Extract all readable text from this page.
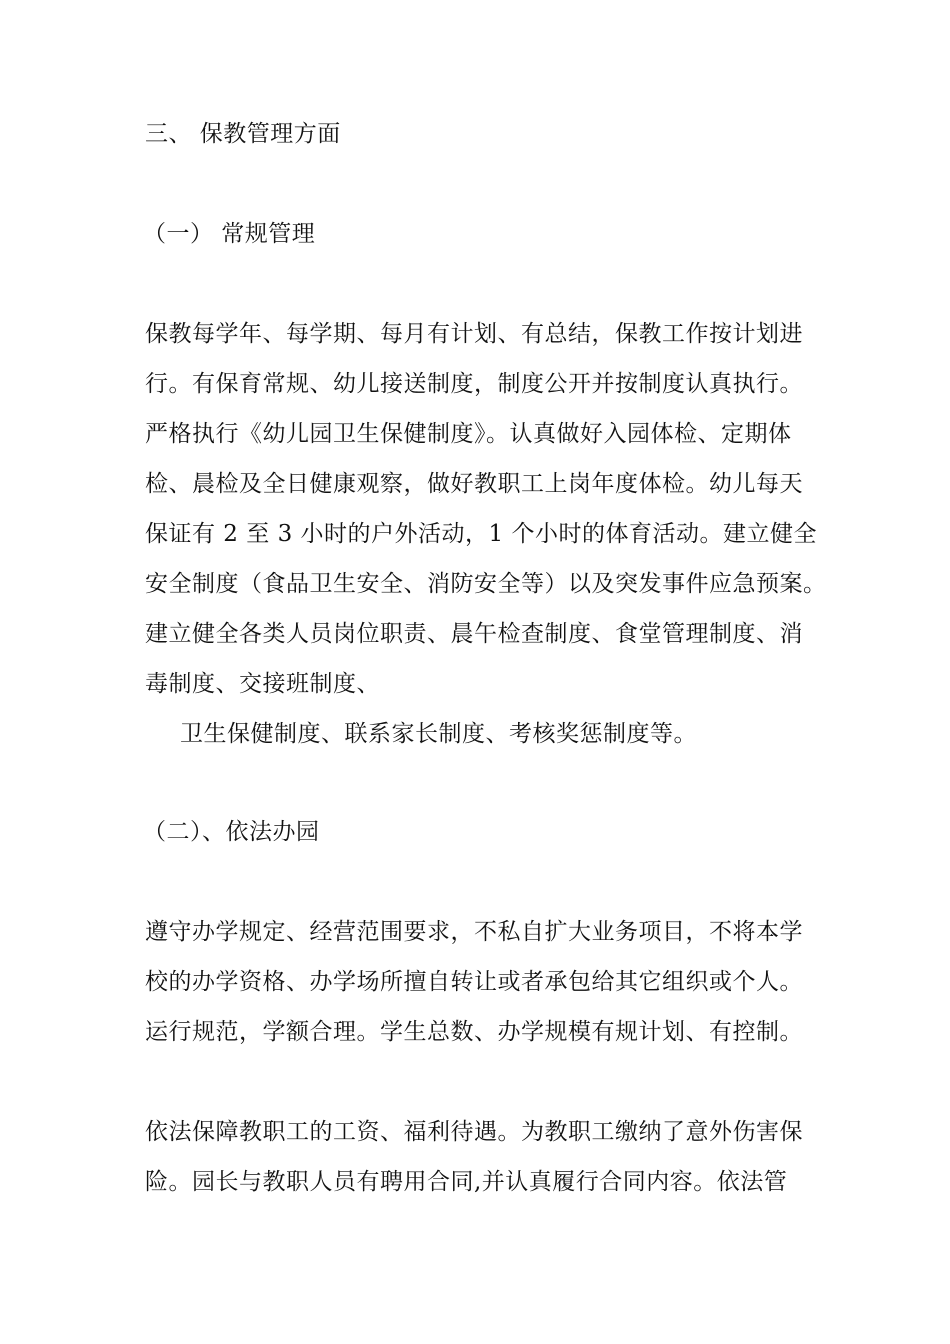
三、 保教管理方面
（一） 常规管理
保教每学年、每学期、每月有计划、有总结，保教工作按计划进
行。有保育常规、幼儿接送制度，制度公开并按制度认真执行。
严格执行《幼儿园卫生保健制度》。认真做好入园体检、定期体
检、晨检及全日健康观察，做好教职工上岗年度体检。幼儿每天
保证有 2 至 3 小时的户外活动，1 个小时的体育活动。建立健全
安全制度（食品卫生安全、消防安全等）以及突发事件应急预案。
建立健全各类人员岗位职责、晨午检查制度、食堂管理制度、消
毒制度、交接班制度、
卫生保健制度、联系家长制度、考核奖惩制度等。
（二）、依法办园
遵守办学规定、经营范围要求，不私自扩大业务项目，不将本学
校的办学资格、办学场所擅自转让或者承包给其它组织或个人。
运行规范，学额合理。学生总数、办学规模有规计划、有控制。
依法保障教职工的工资、福利待遇。为教职工缴纳了意外伤害保
险。园长与教职人员有聘用合同,并认真履行合同内容。依法管
